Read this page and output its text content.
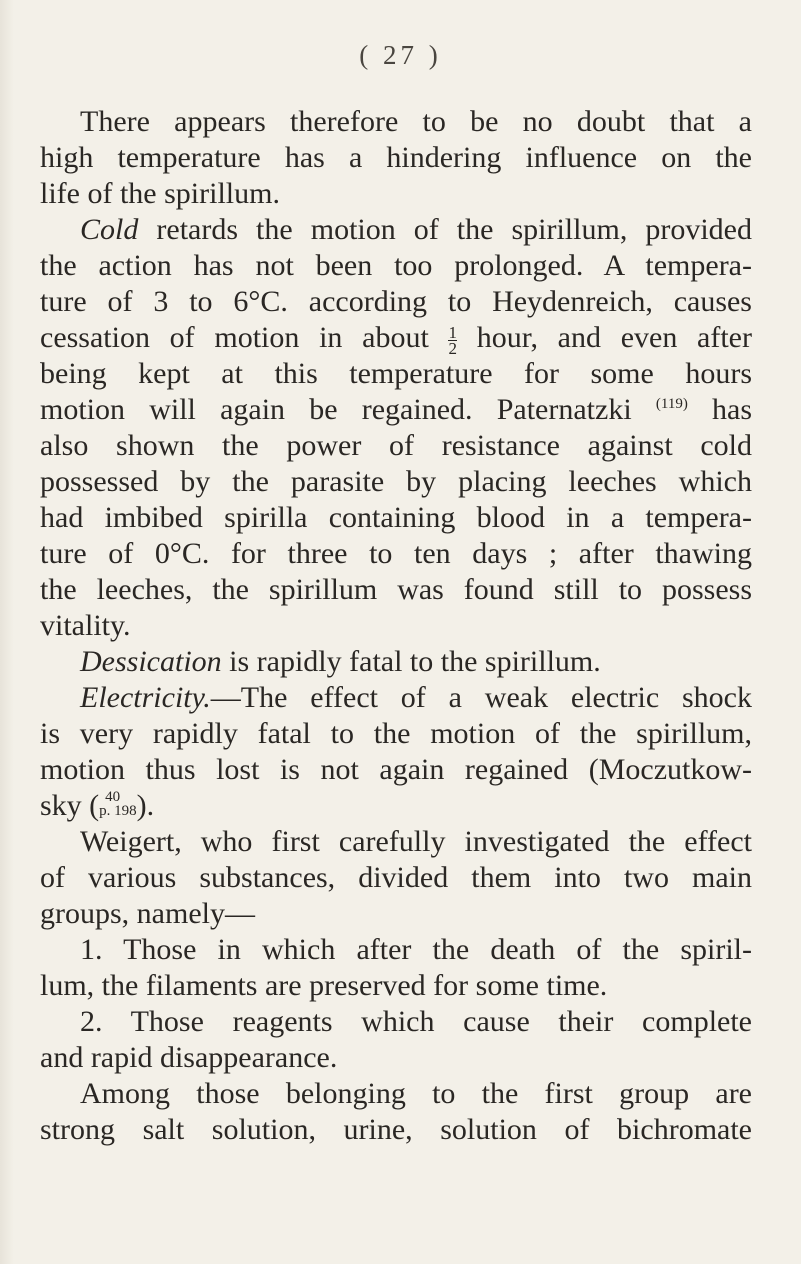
( 27 )

There appears therefore to be no doubt that a

high temperature has a hindering influence on the

life of the spirillum.

Cold retards the motion of the spirillum, provided

the action has not been too prolonged. A tempera-

ture of 3 to 6°C. according to Heydenreich, causes

cessation of motion in about $\frac{1}{2}$ hour, and even after

being kept at this temperature for some hours

motion will again be regained. Paternatzki $^{(119)}$ has

also shown the power of resistance against cold

possessed by the parasite by placing leeches which

had imbibed spirilla containing blood in a tempera-

ture of 0°C. for three to ten days ; after thawing

the leeches, the spirillum was found still to possess

vitality.

Dessication is rapidly fatal to the spirillum.

Electricity.—The effect of a weak electric shock

is very rapidly fatal to the motion of the spirillum,

motion thus lost is not again regained (Moczutkow-

sky ( 40
p. 198 ).

Weigert, who first carefully investigated the effect

of various substances, divided them into two main

groups, namely—

1. Those in which after the death of the spiril-

lum, the filaments are preserved for some time.

2. Those reagents which cause their complete

and rapid disappearance.

Among those belonging to the first group are

strong salt solution, urine, solution of bichromate
